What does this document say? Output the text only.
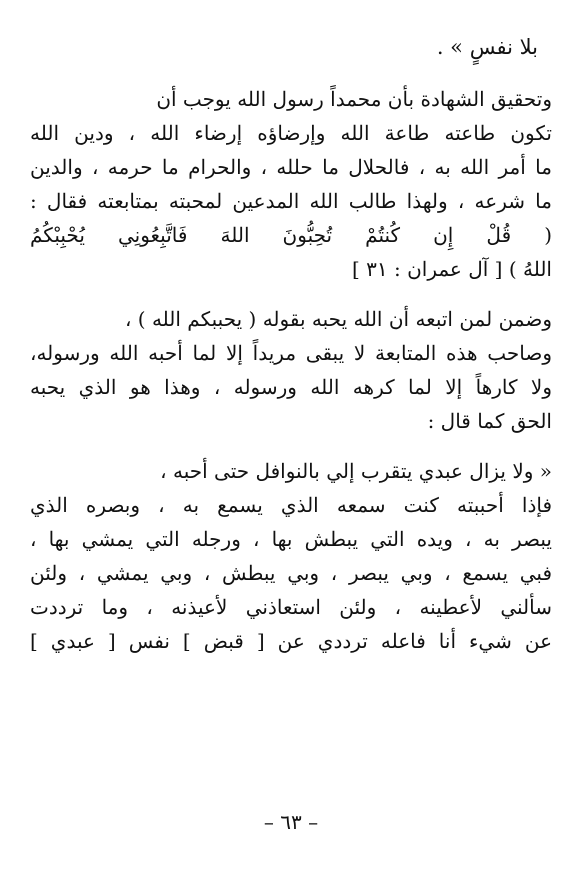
بلا نفسٍ » .
وتحقيق الشهادة بأن محمداً رسول الله يوجب أن
تكون طاعته طاعة الله وإرضاؤه إرضاء الله ، ودين الله
ما أمر الله به ، فالحلال ما حلله ، والحرام ما حرمه ، والدين
ما شرعه ، ولهذا طالب الله المدعين لمحبته بمتابعته فقال :
( قُلْ إِن كُنتُمْ تُحِبُّونَ اللهَ فَاتَّبِعُونِي يُحْبِبْكُمُ
اللهُ ) [ آل عمران : ٣١ ]
وضمن لمن اتبعه أن الله يحبه بقوله ( يحببكم الله ) ،
وصاحب هذه المتابعة لا يبقى مريداً إلا لما أحبه الله ورسوله،
ولا كارهاً إلا لما كرهه الله ورسوله ، وهذا هو الذي يحبه
الحق كما قال :
« ولا يزال عبدي يتقرب إلي بالنوافل حتى أحبه ،
فإذا أحببته كنت سمعه الذي يسمع به ، وبصره الذي
يبصر به ، ويده التي يبطش بها ، ورجله التي يمشي بها ،
فبي يسمع ، وبي يبصر ، وبي يبطش ، وبي يمشي ، ولئن
سألني لأعطينه ، ولئن استعاذني لأعيذنه ، وما ترددت
عن شيء أنا فاعله ترددي عن [ قبض ] نفس [ عبدي ]
– ٦٣ –
